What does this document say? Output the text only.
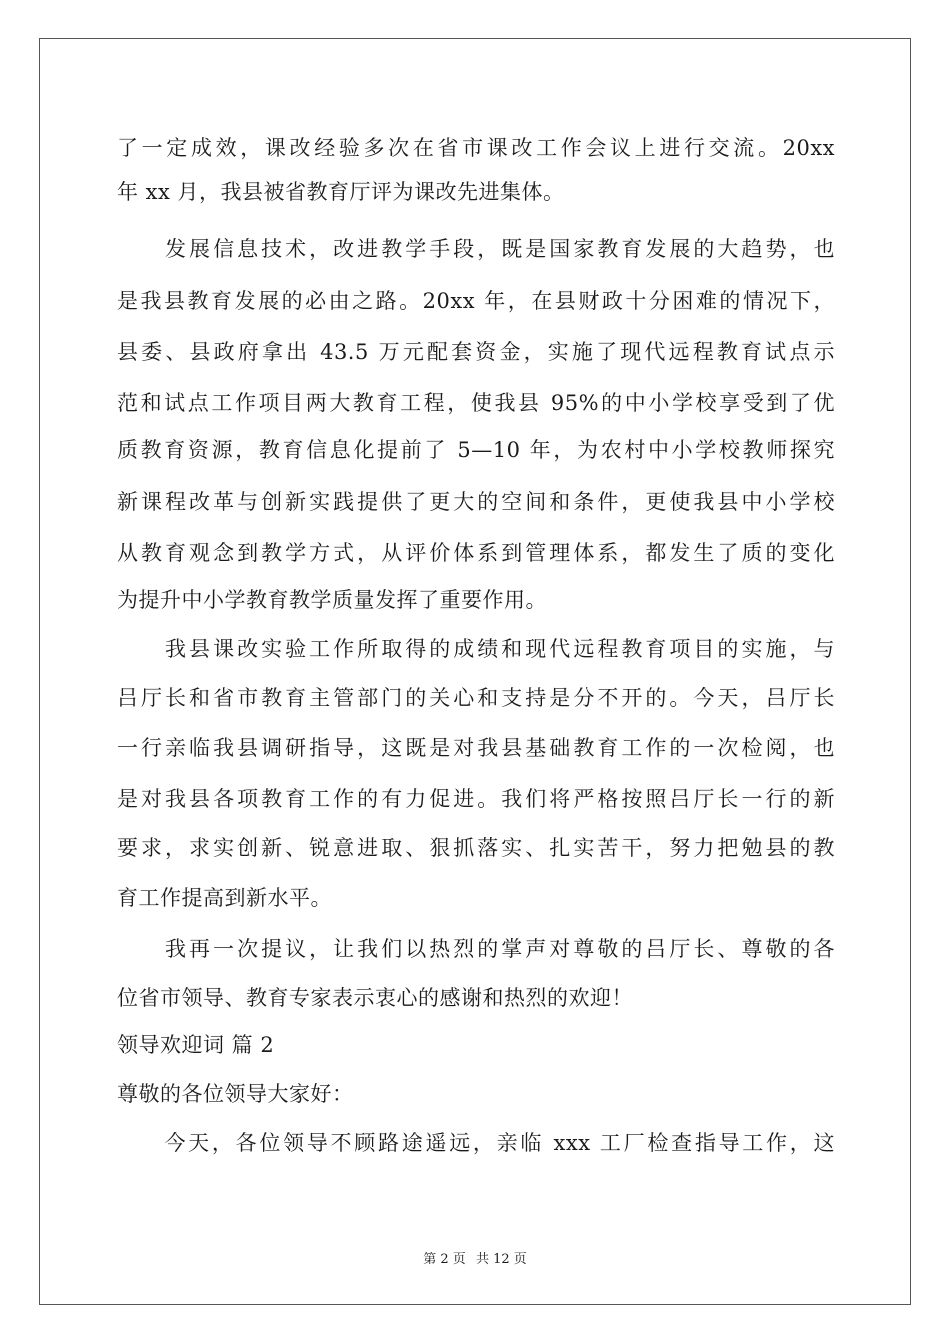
了一定成效，课改经验多次在省市课改工作会议上进行交流。20xx
年 xx 月，我县被省教育厅评为课改先进集体。
　　发展信息技术，改进教学手段，既是国家教育发展的大趋势，也
是我县教育发展的必由之路。20xx 年，在县财政十分困难的情况下，
县委、县政府拿出 43.5 万元配套资金，实施了现代远程教育试点示
范和试点工作项目两大教育工程，使我县 95%的中小学校享受到了优
质教育资源，教育信息化提前了 5—10 年，为农村中小学校教师探究
新课程改革与创新实践提供了更大的空间和条件，更使我县中小学校
从教育观念到教学方式，从评价体系到管理体系，都发生了质的变化
为提升中小学教育教学质量发挥了重要作用。
　　我县课改实验工作所取得的成绩和现代远程教育项目的实施，与
吕厅长和省市教育主管部门的关心和支持是分不开的。今天，吕厅长
一行亲临我县调研指导，这既是对我县基础教育工作的一次检阅，也
是对我县各项教育工作的有力促进。我们将严格按照吕厅长一行的新
要求，求实创新、锐意进取、狠抓落实、扎实苦干，努力把勉县的教
育工作提高到新水平。
　　我再一次提议，让我们以热烈的掌声对尊敬的吕厅长、尊敬的各
位省市领导、教育专家表示衷心的感谢和热烈的欢迎！
领导欢迎词 篇 2
尊敬的各位领导大家好：
　　今天，各位领导不顾路途遥远，亲临 xxx 工厂检查指导工作，这
第 2 页 共 12 页
